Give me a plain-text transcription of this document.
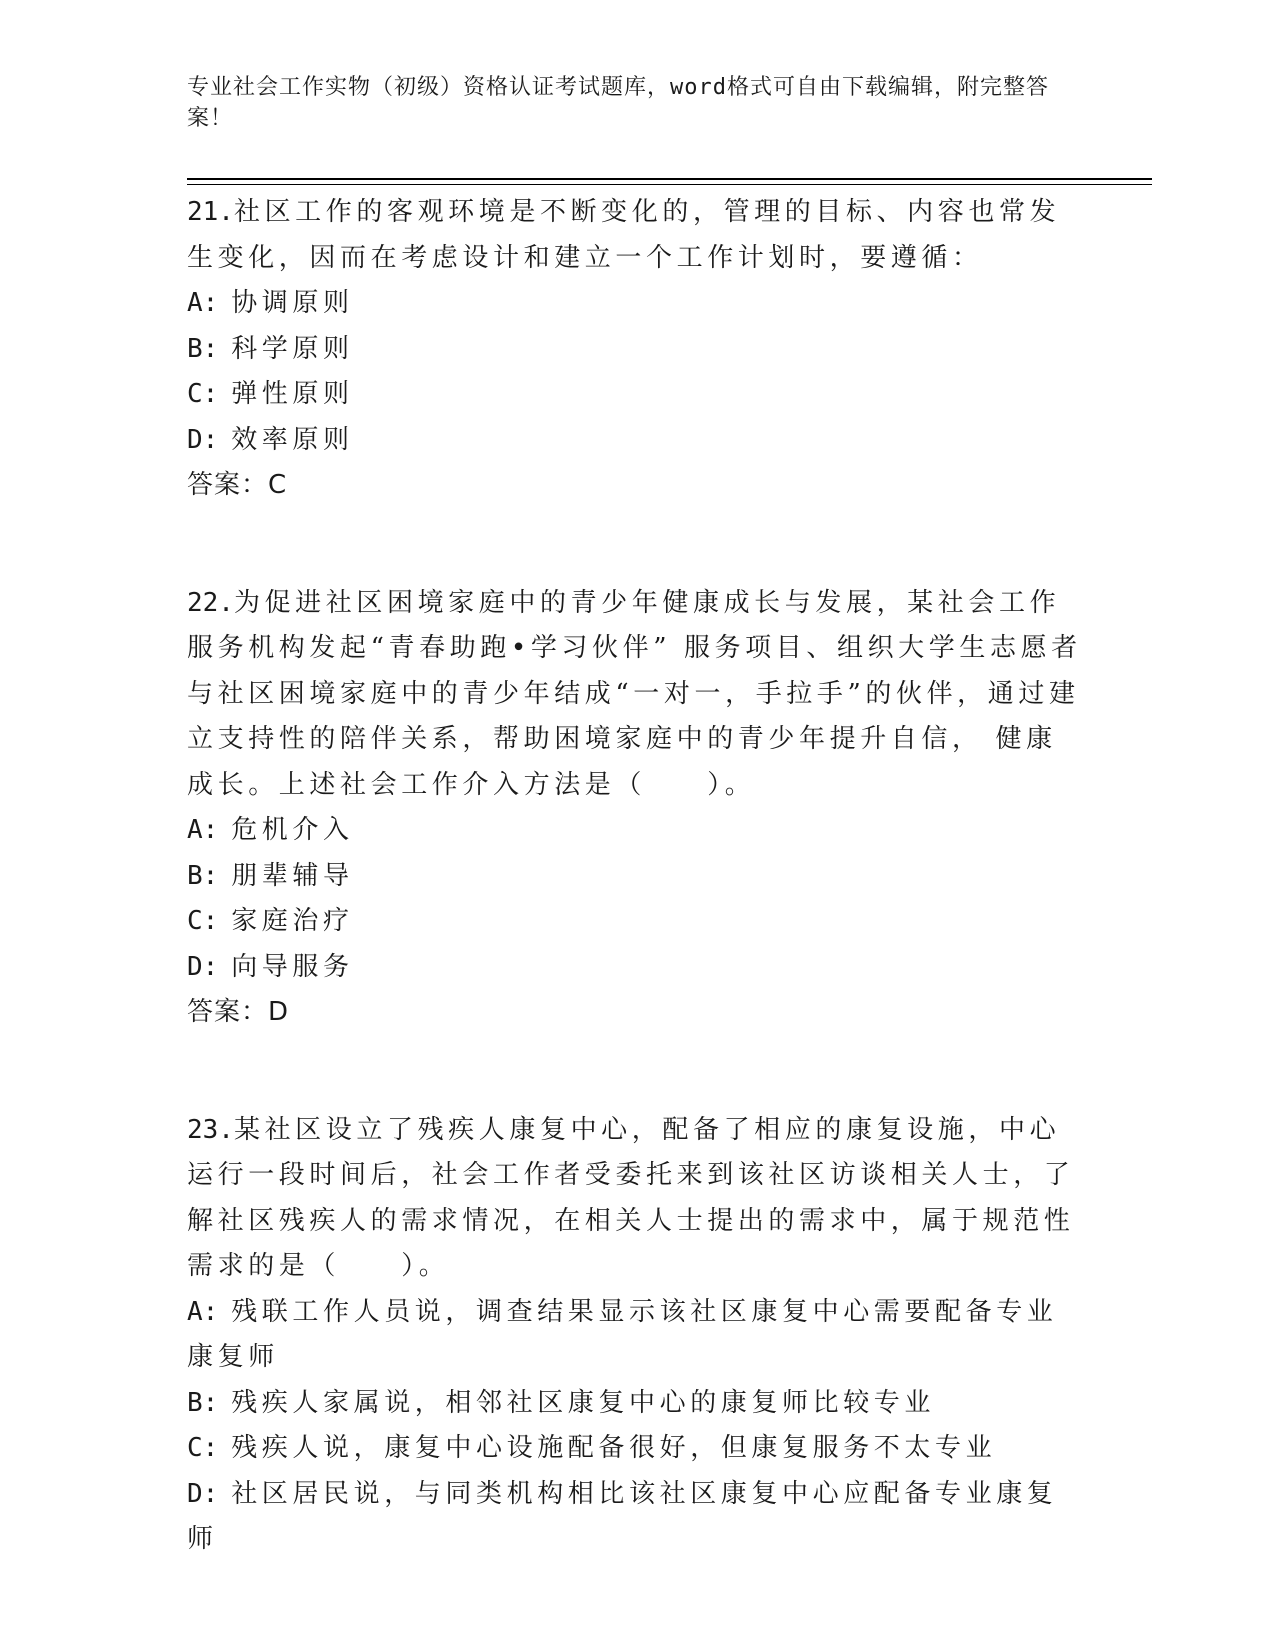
专业社会工作实物（初级）资格认证考试题库，word格式可自由下载编辑，附完整答案！
21.社区工作的客观环境是不断变化的，管理的目标、内容也常发生变化，因而在考虑设计和建立一个工作计划时，要遵循：
A: 协调原则
B: 科学原则
C: 弹性原则
D: 效率原则
答案：C
22.为促进社区困境家庭中的青少年健康成长与发展，某社会工作服务机构发起“青春助跑•学习伙伴” 服务项目、组织大学生志愿者与社区困境家庭中的青少年结成“一对一，手拉手”的伙伴，通过建立支持性的陪伴关系，帮助困境家庭中的青少年提升自信， 健康成长。上述社会工作介入方法是（　　）。
A: 危机介入
B: 朋辈辅导
C: 家庭治疗
D: 向导服务
答案：D
23.某社区设立了残疾人康复中心，配备了相应的康复设施，中心运行一段时间后，社会工作者受委托来到该社区访谈相关人士，了解社区残疾人的需求情况，在相关人士提出的需求中，属于规范性需求的是（　　）。
A: 残联工作人员说，调查结果显示该社区康复中心需要配备专业康复师
B: 残疾人家属说，相邻社区康复中心的康复师比较专业
C: 残疾人说，康复中心设施配备很好，但康复服务不太专业
D: 社区居民说，与同类机构相比该社区康复中心应配备专业康复师
